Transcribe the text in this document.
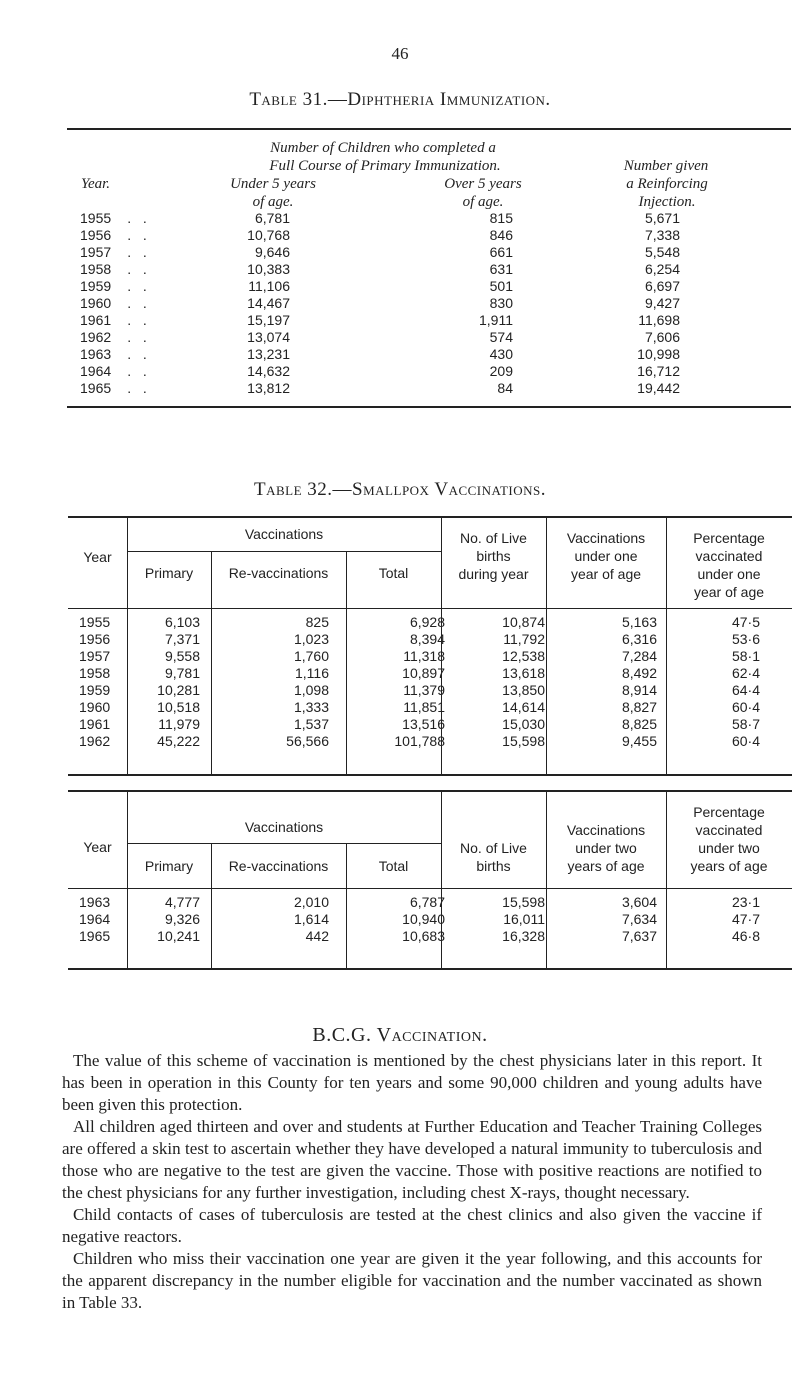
46
Table 31.—Diphtheria Immunization.
Number of Children who completed a
Full Course of Primary Immunization.
Year.	Under 5 years
of age.
Over 5 years
of age.
Number given
a Reinforcing
Injection.
1955	.   .	6,781	815	5,671
1956	.   .	10,768	846	7,338
1957	.   .	9,646	661	5,548
1958	.   .	10,383	631	6,254
1959	.   .	11,106	501	6,697
1960	.   .	14,467	830	9,427
1961	.   .	15,197	1,911	11,698
1962	.   .	13,074	574	7,606
1963	.   .	13,231	430	10,998
1964	.   .	14,632	209	16,712
1965	.   .	13,812	84	19,442
Table 32.—Smallpox Vaccinations.
Year
Vaccinations
Primary	Re-vaccinations	Total
No. of Live
births
during year
Vaccinations
under one
year of age
Percentage
vaccinated
under one
year of age
1955	6,103	825	6,928	10,874	5,163	47·5
1956	7,371	1,023	8,394	11,792	6,316	53·6
1957	9,558	1,760	11,318	12,538	7,284	58·1
1958	9,781	1,116	10,897	13,618	8,492	62·4
1959	10,281	1,098	11,379	13,850	8,914	64·4
1960	10,518	1,333	11,851	14,614	8,827	60·4
1961	11,979	1,537	13,516	15,030	8,825	58·7
1962	45,222	56,566	101,788	15,598	9,455	60·4
Year
Vaccinations
Primary	Re-vaccinations	Total
No. of Live
births
Vaccinations
under two
years of age
Percentage
vaccinated
under two
years of age
1963	4,777	2,010	6,787	15,598	3,604	23·1
1964	9,326	1,614	10,940	16,011	7,634	47·7
1965	10,241	442	10,683	16,328	7,637	46·8
B.C.G. Vaccination.

The value of this scheme of vaccination is mentioned by the chest physicians later in this report. It has been in operation in this County for ten years and some 90,000 children and young adults have been given this protection.

All children aged thirteen and over and students at Further Education and Teacher Training Colleges are offered a skin test to ascertain whether they have developed a natural immunity to tuberculosis and those who are negative to the test are given the vaccine. Those with positive reactions are notified to the chest physicians for any further investigation, including chest X-rays, thought necessary.

Child contacts of cases of tuberculosis are tested at the chest clinics and also given the vaccine if negative reactors.

Children who miss their vaccination one year are given it the year following, and this accounts for the apparent discrepancy in the number eligible for vaccination and the number vaccinated as shown in Table 33.
